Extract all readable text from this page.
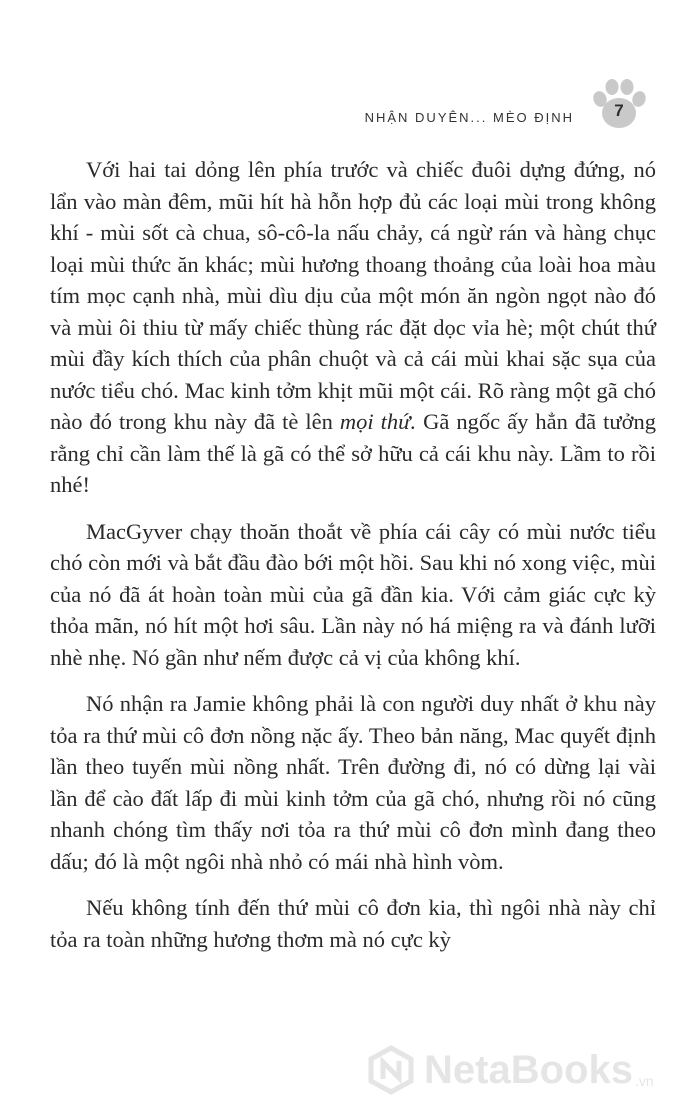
NHẬN DUYÊN... MÈO ĐỊNH	7

Với hai tai dỏng lên phía trước và chiếc đuôi dựng đứng, nó lẩn vào màn đêm, mũi hít hà hỗn hợp đủ các loại mùi trong không khí - mùi sốt cà chua, sô-cô-la nấu chảy, cá ngừ rán và hàng chục loại mùi thức ăn khác; mùi hương thoang thoảng của loài hoa màu tím mọc cạnh nhà, mùi dìu dịu của một món ăn ngòn ngọt nào đó và mùi ôi thiu từ mấy chiếc thùng rác đặt dọc vỉa hè; một chút thứ mùi đầy kích thích của phân chuột và cả cái mùi khai sặc sụa của nước tiểu chó. Mac kinh tởm khịt mũi một cái. Rõ ràng một gã chó nào đó trong khu này đã tè lên mọi thứ. Gã ngốc ấy hẳn đã tưởng rằng chỉ cần làm thế là gã có thể sở hữu cả cái khu này. Lầm to rồi nhé!

MacGyver chạy thoăn thoắt về phía cái cây có mùi nước tiểu chó còn mới và bắt đầu đào bới một hồi. Sau khi nó xong việc, mùi của nó đã át hoàn toàn mùi của gã đần kia. Với cảm giác cực kỳ thỏa mãn, nó hít một hơi sâu. Lần này nó há miệng ra và đánh lưỡi nhè nhẹ. Nó gần như nếm được cả vị của không khí.

Nó nhận ra Jamie không phải là con người duy nhất ở khu này tỏa ra thứ mùi cô đơn nồng nặc ấy. Theo bản năng, Mac quyết định lần theo tuyến mùi nồng nhất. Trên đường đi, nó có dừng lại vài lần để cào đất lấp đi mùi kinh tởm của gã chó, nhưng rồi nó cũng nhanh chóng tìm thấy nơi tỏa ra thứ mùi cô đơn mình đang theo dấu; đó là một ngôi nhà nhỏ có mái nhà hình vòm.

Nếu không tính đến thứ mùi cô đơn kia, thì ngôi nhà này chỉ tỏa ra toàn những hương thơm mà nó cực kỳ

NetaBooks .vn
